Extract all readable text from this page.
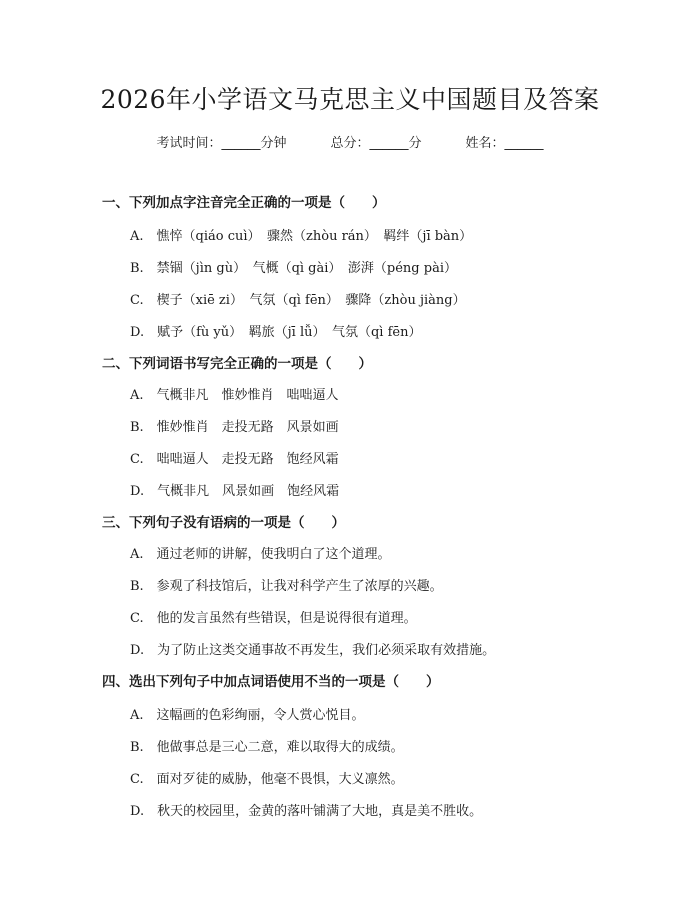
2026年小学语文马克思主义中国题目及答案
考试时间：______分钟	总分：______分	姓名：______
一、下列加点字注音完全正确的一项是（　　）
A.　憔悴（qiáo cuì）　骤然（zhòu rán）　羁绊（jī bàn）
B.　禁锢（jìn gù）　气概（qì gài）　澎湃（péng pài）
C.　楔子（xiē zi）　气氛（qì fēn）　骤降（zhòu jiàng）
D.　赋予（fù yǔ）　羁旅（jī lǚ）　气氛（qì fēn）
二、下列词语书写完全正确的一项是（　　）
A.　气概非凡　惟妙惟肖　咄咄逼人
B.　惟妙惟肖　走投无路　风景如画
C.　咄咄逼人　走投无路　饱经风霜
D.　气概非凡　风景如画　饱经风霜
三、下列句子没有语病的一项是（　　）
A.　通过老师的讲解，使我明白了这个道理。
B.　参观了科技馆后，让我对科学产生了浓厚的兴趣。
C.　他的发言虽然有些错误，但是说得很有道理。
D.　为了防止这类交通事故不再发生，我们必须采取有效措施。
四、选出下列句子中加点词语使用不当的一项是（　　）
A.　这幅画的色彩绚丽，令人赏心悦目。
B.　他做事总是三心二意，难以取得大的成绩。
C.　面对歹徒的威胁，他毫不畏惧，大义凛然。
D.　秋天的校园里，金黄的落叶铺满了大地，真是美不胜收。
